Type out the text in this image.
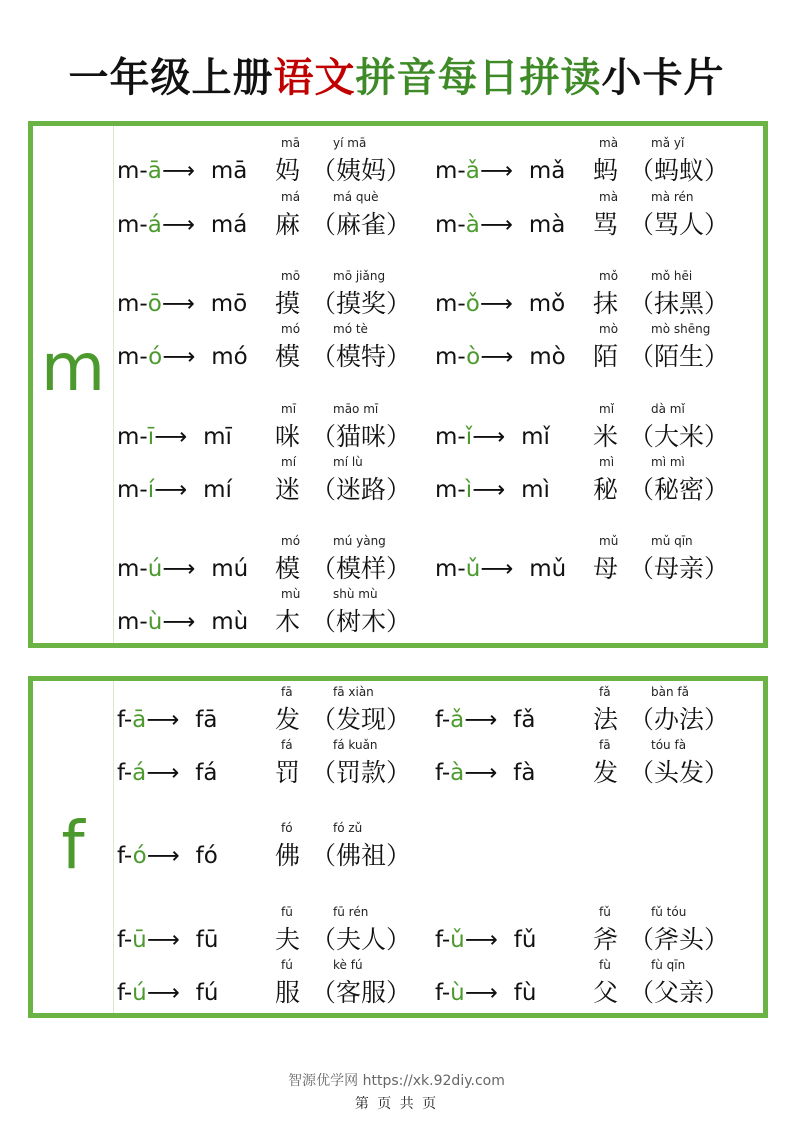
一年级上册语文拼音每日拼读小卡片
m
m-ā⟶ mā
mā
妈
yí mā
（姨妈） m-ǎ⟶ mǎ
mà
蚂
mǎ yǐ
（蚂蚁）
m-á⟶ má
má
麻
má què
（麻雀） m-à⟶ mà
mà
骂
mà rén
（骂人）
m-ō⟶ mō
mō
摸
mō jiǎng
（摸奖） m-ǒ⟶ mǒ
mǒ
抹
mǒ hēi
（抹黑）
m-ó⟶ mó
mó
模
mó tè
（模特） m-ò⟶ mò
mò
陌
mò shēng
（陌生）
m-ī⟶ mī
mī
咪
māo mī
（猫咪） m-ǐ⟶ mǐ
mǐ
米
dà mǐ
（大米）
m-í⟶ mí
mí
迷
mí lù
（迷路） m-ì⟶ mì
mì
秘
mì mì
（秘密）
m-ú⟶ mú
mó
模
mú yàng
（模样） m-ǔ⟶ mǔ
mǔ
母
mǔ qīn
（母亲）
m-ù⟶ mù
mù
木
shù mù
（树木）
f
f-ā⟶ fā
fā
发
fā xiàn
（发现） f-ǎ⟶ fǎ
fǎ
法
bàn fǎ
（办法）
f-á⟶ fá
fá
罚
fá kuǎn
（罚款） f-à⟶ fà
fā
发
tóu fà
（头发）
f-ó⟶ fó
fó
佛
fó zǔ
（佛祖）
f-ū⟶ fū
fū
夫
fū rén
（夫人） f-ǔ⟶ fǔ
fǔ
斧
fǔ tóu
（斧头）
f-ú⟶ fú
fú
服
kè fú
（客服） f-ù⟶ fù
fù
父
fù qīn
（父亲）
智源优学网 https://xk.92diy.com
第 页 共 页
